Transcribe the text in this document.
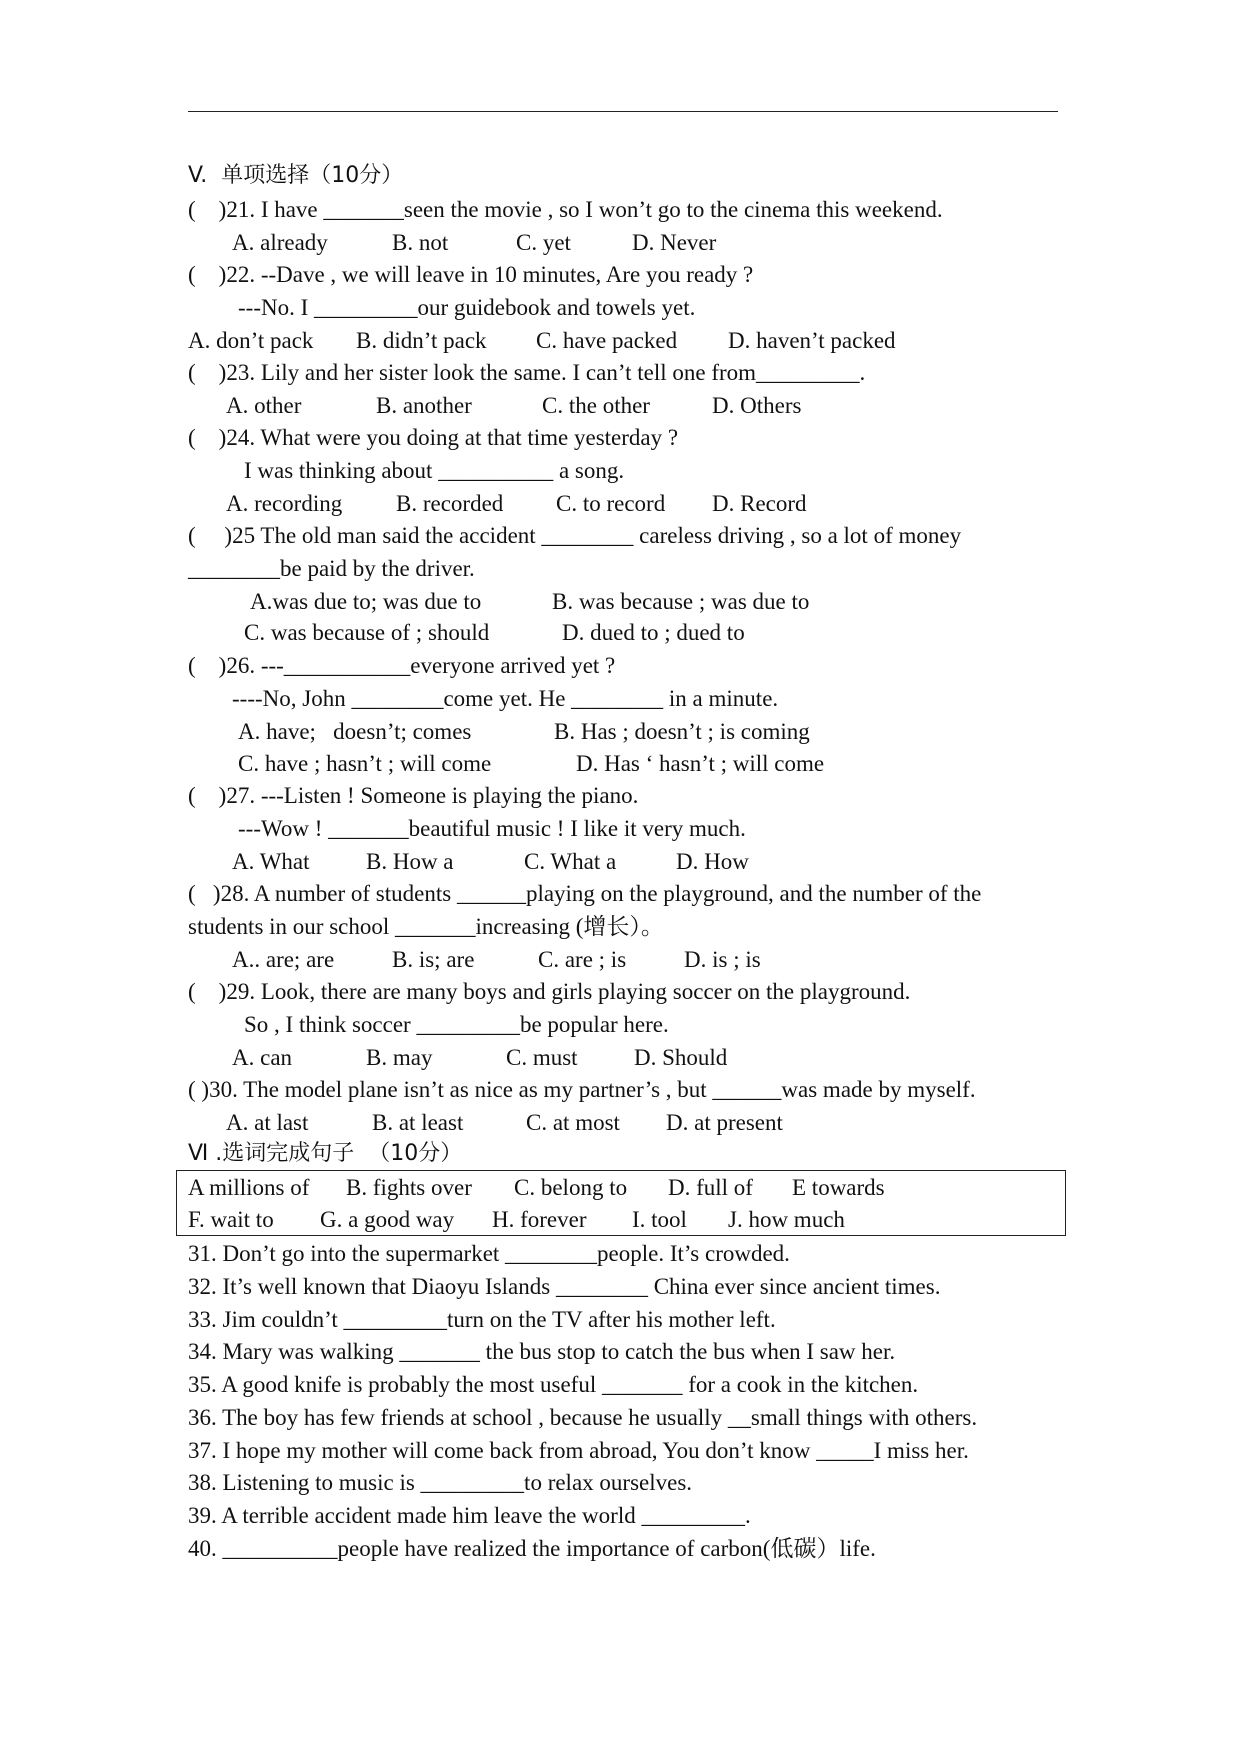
V.  单项选择（10分）
(    )21. I have _______seen the movie , so I won’t go to the cinema this weekend.
A. already	B. not	C. yet	D. Never
(    )22. --Dave , we will leave in 10 minutes, Are you ready ?
---No. I _________our guidebook and towels yet.
A. don’t pack B. didn’t pack C. have packed D. haven’t packed
(    )23. Lily and her sister look the same. I can’t tell one from_________.
A. other	B. another	C. the other	D. Others
(    )24. What were you doing at that time yesterday ?
I was thinking about __________ a song.
A. recording B. recorded C. to record D. Record
(     )25 The old man said the accident ________ careless driving , so a lot of money
________be paid by the driver.
A.was due to; was due to	B. was because ; was due to
C. was because of ; should	D. dued to ; dued to
(    )26. ---___________everyone arrived yet ?
----No, John ________come yet. He ________ in a minute.
A. have;   doesn’t; comes	B. Has ; doesn’t ; is coming
C. have ; hasn’t ; will come	D. Has ‘ hasn’t ; will come
(    )27. ---Listen ! Someone is playing the piano.
---Wow ! _______beautiful music ! I like it very much.
A. What B. How a	C. What a	D. How
(   )28. A number of students ______playing on the playground, and the number of the
students in our school _______increasing (增长）。
A.. are; are	B. is; are	C. are ; is	D. is ; is
(    )29. Look, there are many boys and girls playing soccer on the playground.
So , I think soccer _________be popular here.
A. can	B. may	C. must D. Should
( )30. The model plane isn’t as nice as my partner’s , but ______was made by myself.
A. at last	B. at least	C. at most D. at present
Ⅵ .选词完成句子  （10分）
A millions of B. fights over C. belong to D. full of E towards
F. wait to G. a good way H. forever I. tool J. how much
31. Don’t go into the supermarket ________people. It’s crowded.
32. It’s well known that Diaoyu Islands ________ China ever since ancient times.
33. Jim couldn’t _________turn on the TV after his mother left.
34. Mary was walking _______ the bus stop to catch the bus when I saw her.
35. A good knife is probably the most useful _______ for a cook in the kitchen.
36. The boy has few friends at school , because he usually __small things with others.
37. I hope my mother will come back from abroad, You don’t know _____I miss her.
38. Listening to music is _________to relax ourselves.
39. A terrible accident made him leave the world _________.
40. __________people have realized the importance of carbon(低碳）life.
